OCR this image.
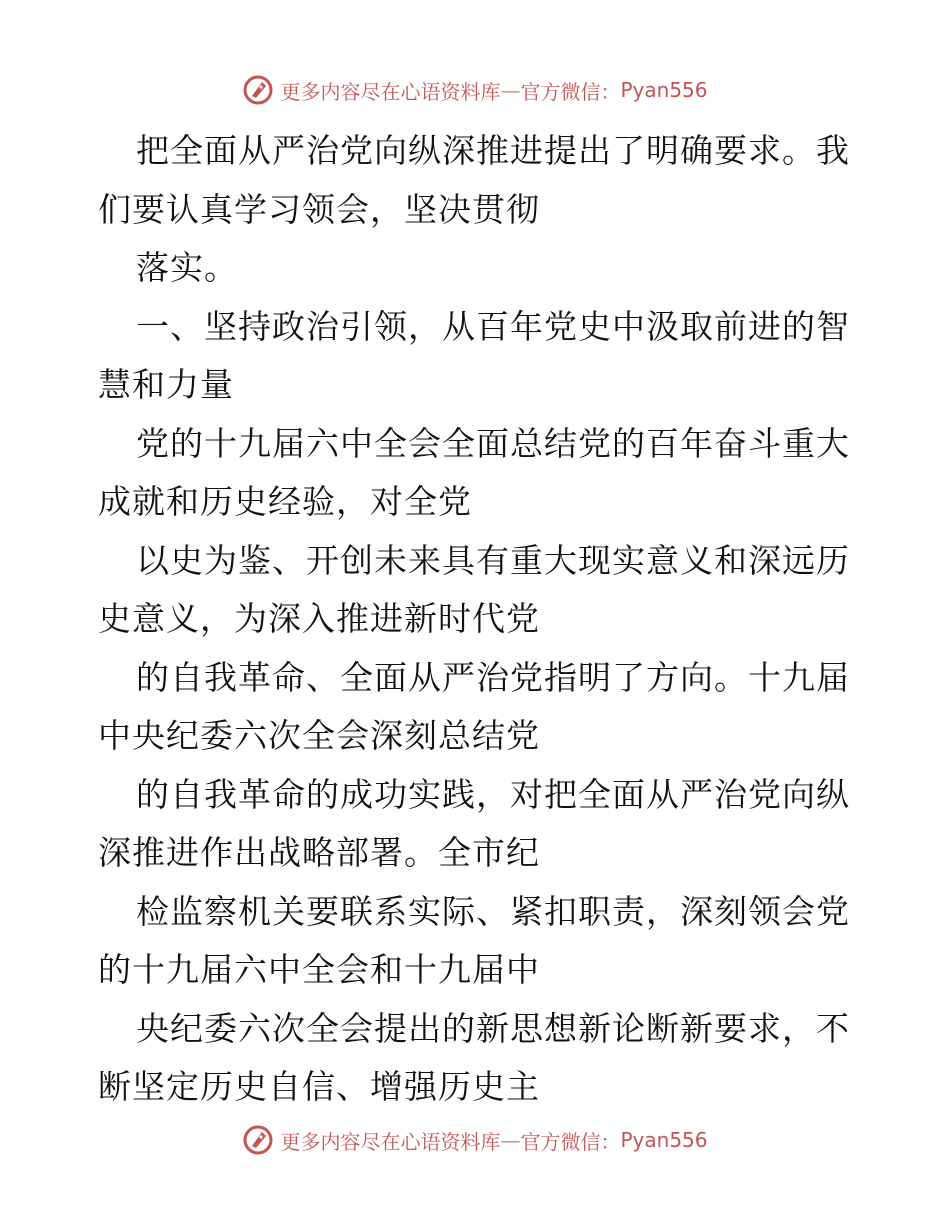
更多内容尽在心语资料库 — 官方微信： Pyan556
把全面从严治党向纵深推进提出了明确要求。我
们要认真学习领会，坚决贯彻
落实。
一、坚持政治引领，从百年党史中汲取前进的智
慧和力量
党的十九届六中全会全面总结党的百年奋斗重大
成就和历史经验，对全党
以史为鉴、开创未来具有重大现实意义和深远历
史意义，为深入推进新时代党
的自我革命、全面从严治党指明了方向。十九届
中央纪委六次全会深刻总结党
的自我革命的成功实践，对把全面从严治党向纵
深推进作出战略部署。全市纪
检监察机关要联系实际、紧扣职责，深刻领会党
的十九届六中全会和十九届中
央纪委六次全会提出的新思想新论断新要求，不
断坚定历史自信、增强历史主
更多内容尽在心语资料库 — 官方微信： Pyan556
